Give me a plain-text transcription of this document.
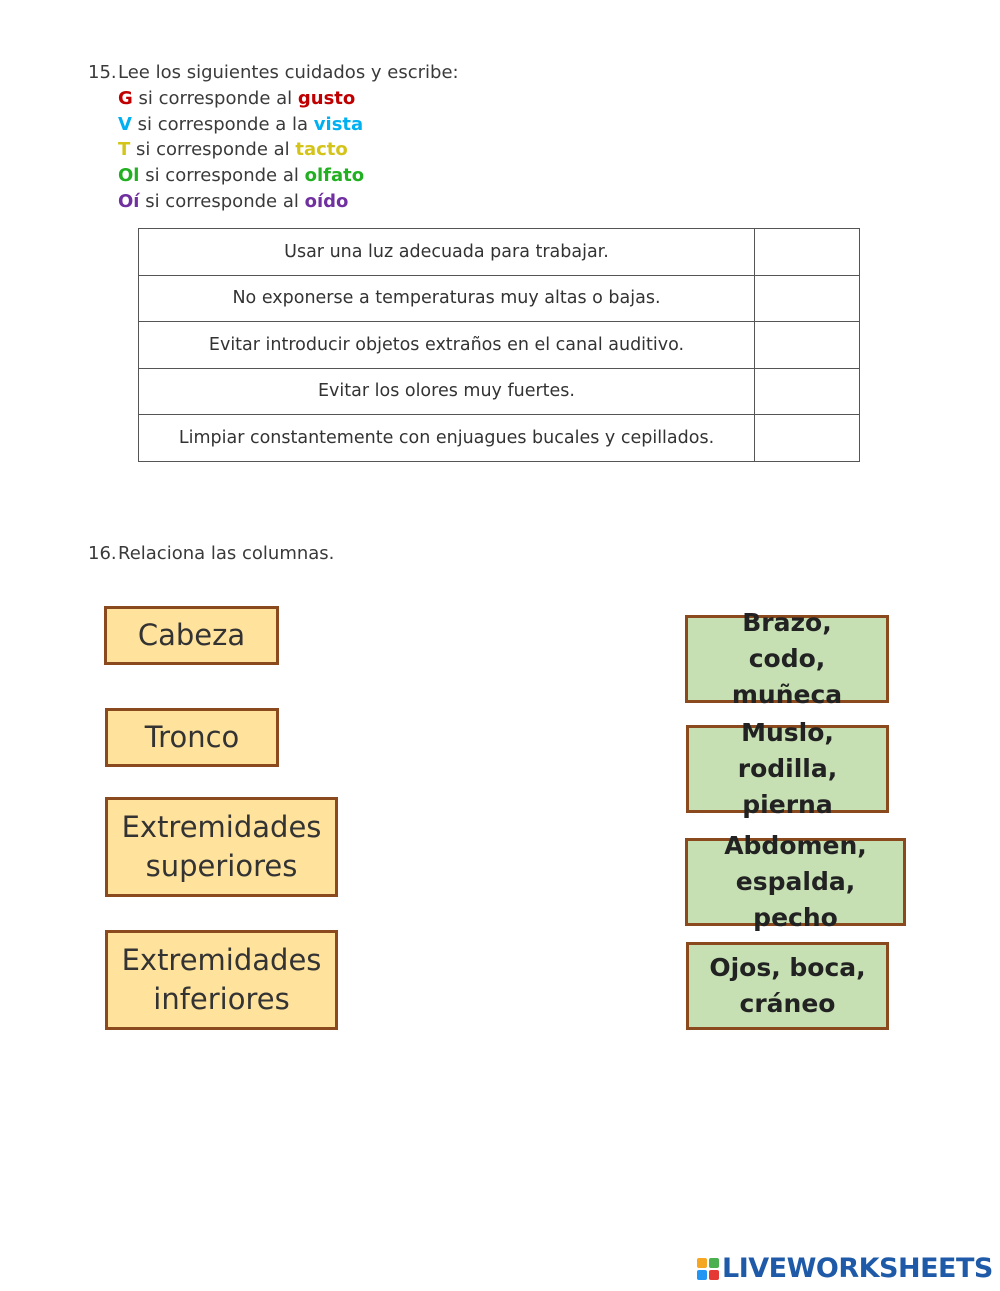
15.Lee los siguientes cuidados y escribe:
G si corresponde al gusto
V si corresponde a la vista
T si corresponde al tacto
Ol si corresponde al olfato
Oí si corresponde al oído
Usar una luz adecuada para trabajar.	
No exponerse a temperaturas muy altas o bajas.	
Evitar introducir objetos extraños en el canal auditivo.	
Evitar los olores muy fuertes.	
Limpiar constantemente con enjuagues bucales y cepillados.	
16.Relaciona las columnas.
Cabeza
Tronco
Extremidades superiores
Extremidades inferiores
Brazo, codo, muñeca
Muslo, rodilla, pierna
Abdomen, espalda, pecho
Ojos, boca, cráneo
LIVEWORKSHEETS
